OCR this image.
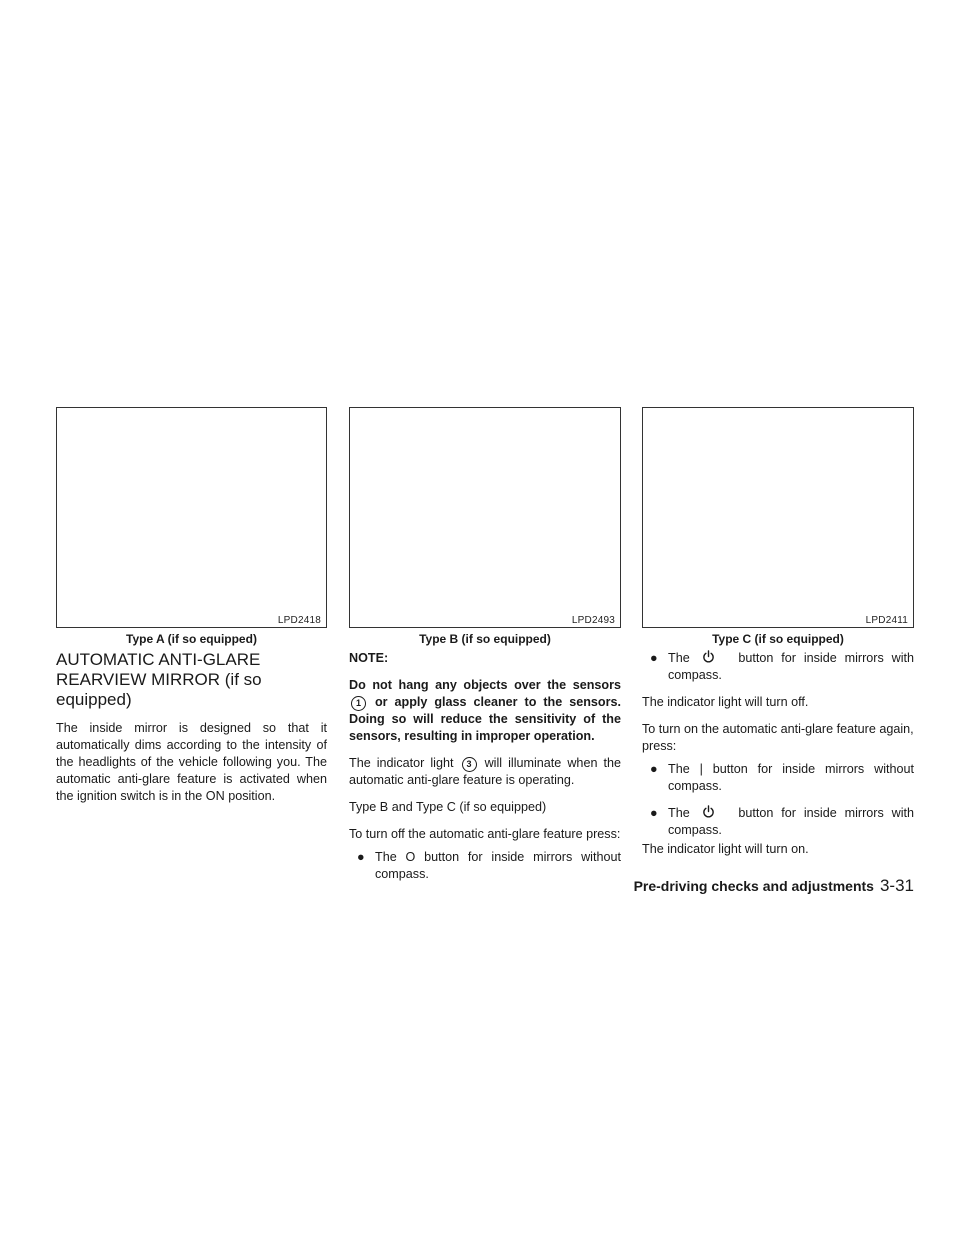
LPD2418	LPD2493	LPD2411
Type A (if so equipped)	Type B (if so equipped)	Type C (if so equipped)
AUTOMATIC ANTI-GLARE
REARVIEW MIRROR (if so equipped)

The inside mirror is designed so that it automatically dims according to the intensity of the headlights of the vehicle following you. The automatic anti-glare feature is activated when the ignition switch is in the ON position.

NOTE:

Do not hang any objects over the sensors 1 or apply glass cleaner to the sensors. Doing so will reduce the sensitivity of the sensors, resulting in improper operation.

The indicator light 3 will illuminate when the automatic anti-glare feature is operating.

Type B and Type C (if so equipped)

To turn off the automatic anti-glare feature press:

● The O button for inside mirrors without compass.
● The	button for inside mirrors with compass.

The indicator light will turn off.

To turn on the automatic anti-glare feature again, press:

● The | button for inside mirrors without compass.
● The	button for inside mirrors with compass.

The indicator light will turn on.

Pre-driving checks and adjustments 3-31
